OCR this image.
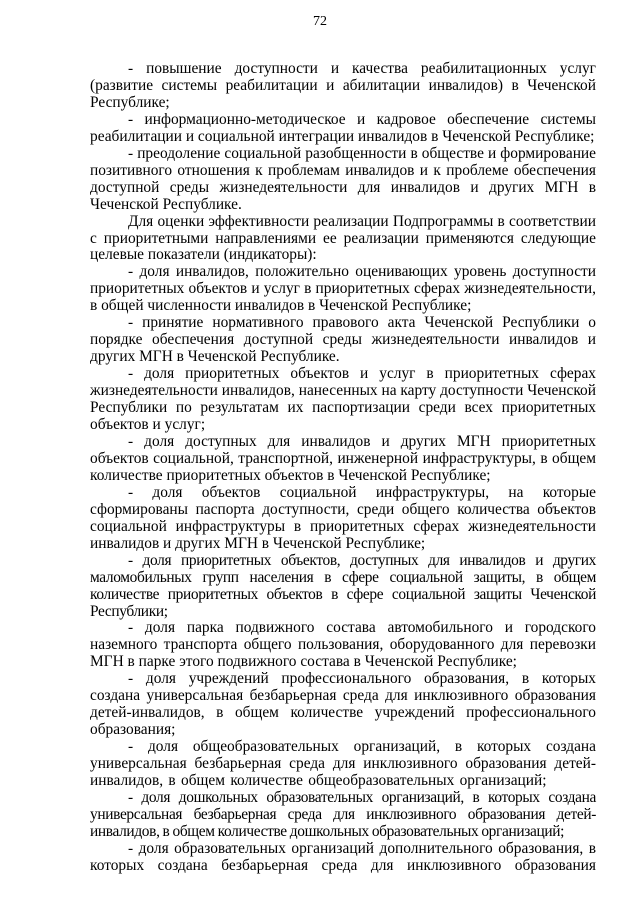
72

- повышение доступности и качества реабилитационных услуг (развитие системы реабилитации и абилитации инвалидов) в Чеченской Республике;

- информационно-методическое и кадровое обеспечение системы реабилитации и социальной интеграции инвалидов в Чеченской Республике;

- преодоление социальной разобщенности в обществе и формирование позитивного отношения к проблемам инвалидов и к проблеме обеспечения доступной среды жизнедеятельности для инвалидов и других МГН в Чеченской Республике.

Для оценки эффективности реализации Подпрограммы в соответствии с приоритетными направлениями ее реализации применяются следующие целевые показатели (индикаторы):

- доля инвалидов, положительно оценивающих уровень доступности приоритетных объектов и услуг в приоритетных сферах жизнедеятельности, в общей численности инвалидов в Чеченской Республике;

- принятие нормативного правового акта Чеченской Республики о порядке обеспечения доступной среды жизнедеятельности инвалидов и других МГН в Чеченской Республике.

- доля приоритетных объектов и услуг в приоритетных сферах жизнедеятельности инвалидов, нанесенных на карту доступности Чеченской Республики по результатам их паспортизации среди всех приоритетных объектов и услуг;

- доля доступных для инвалидов и других МГН приоритетных объектов социальной, транспортной, инженерной инфраструктуры, в общем количестве приоритетных объектов в Чеченской Республике;

- доля объектов социальной инфраструктуры, на которые сформированы паспорта доступности, среди общего количества объектов социальной инфраструктуры в приоритетных сферах жизнедеятельности инвалидов и других МГН в Чеченской Республике;

- доля приоритетных объектов, доступных для инвалидов и других маломобильных групп населения в сфере социальной защиты, в общем количестве приоритетных объектов в сфере социальной защиты Чеченской Республики;

- доля парка подвижного состава автомобильного и городского наземного транспорта общего пользования, оборудованного для перевозки МГН в парке этого подвижного состава в Чеченской Республике;

- доля учреждений профессионального образования, в которых создана универсальная безбарьерная среда для инклюзивного образования детей-инвалидов, в общем количестве учреждений профессионального образования;

- доля общеобразовательных организаций, в которых создана универсальная безбарьерная среда для инклюзивного образования детей-инвалидов, в общем количестве общеобразовательных организаций;

- доля дошкольных образовательных организаций, в которых создана универсальная безбарьерная среда для инклюзивного образования детей-инвалидов, в общем количестве дошкольных образовательных организаций;

- доля образовательных организаций дополнительного образования, в которых создана безбарьерная среда для инклюзивного образования
